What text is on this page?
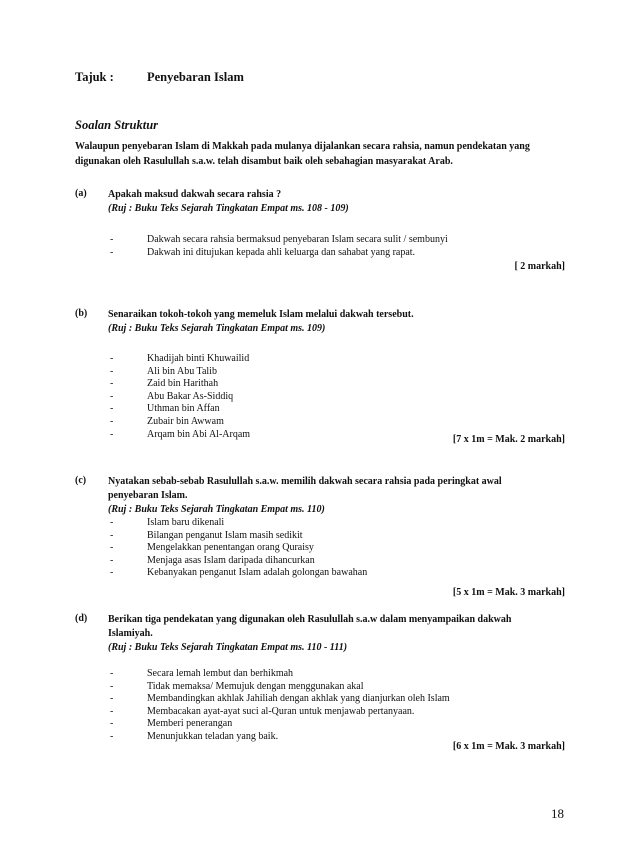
Tajuk :	Penyebaran Islam
Soalan Struktur
Walaupun penyebaran Islam di Makkah pada mulanya dijalankan secara rahsia, namun pendekatan yang digunakan oleh Rasulullah s.a.w. telah disambut baik oleh sebahagian masyarakat Arab.
(a) Apakah maksud dakwah secara rahsia ?
(Ruj : Buku Teks Sejarah Tingkatan Empat ms. 108 - 109)
-	Dakwah secara rahsia bermaksud penyebaran Islam secara sulit / sembunyi
-	Dakwah ini ditujukan kepada ahli keluarga dan sahabat yang rapat.
[ 2 markah]
(b) Senaraikan tokoh-tokoh yang memeluk Islam melalui dakwah tersebut.
(Ruj : Buku Teks Sejarah Tingkatan Empat ms. 109)
-	Khadijah binti Khuwailid
-	Ali bin Abu Talib
-	Zaid bin Harithah
-	Abu Bakar As-Siddiq
-	Uthman bin Affan
-	Zubair bin Awwam
-	Arqam bin Abi Al-Arqam	[7 x 1m = Mak. 2 markah]
(c) Nyatakan sebab-sebab Rasulullah s.a.w. memilih dakwah secara rahsia pada peringkat awal penyebaran Islam.
(Ruj : Buku Teks Sejarah Tingkatan Empat ms. 110)
-	Islam baru dikenali
-	Bilangan penganut Islam masih sedikit
-	Mengelakkan penentangan orang Quraisy
-	Menjaga asas Islam daripada dihancurkan
-	Kebanyakan penganut Islam adalah golongan bawahan
[5 x 1m = Mak. 3 markah]
(d) Berikan tiga pendekatan yang digunakan oleh Rasulullah s.a.w dalam menyampaikan dakwah Islamiyah.
(Ruj : Buku Teks Sejarah Tingkatan Empat ms. 110 - 111)
-	Secara lemah lembut dan berhikmah
-	Tidak memaksa/ Memujuk dengan menggunakan akal
-	Membandingkan akhlak Jahiliah dengan akhlak yang dianjurkan oleh Islam
-	Membacakan ayat-ayat suci al-Quran untuk menjawab pertanyaan.
-	Memberi penerangan
-	Menunjukkan teladan yang baik.
[6 x 1m = Mak. 3 markah]
18
